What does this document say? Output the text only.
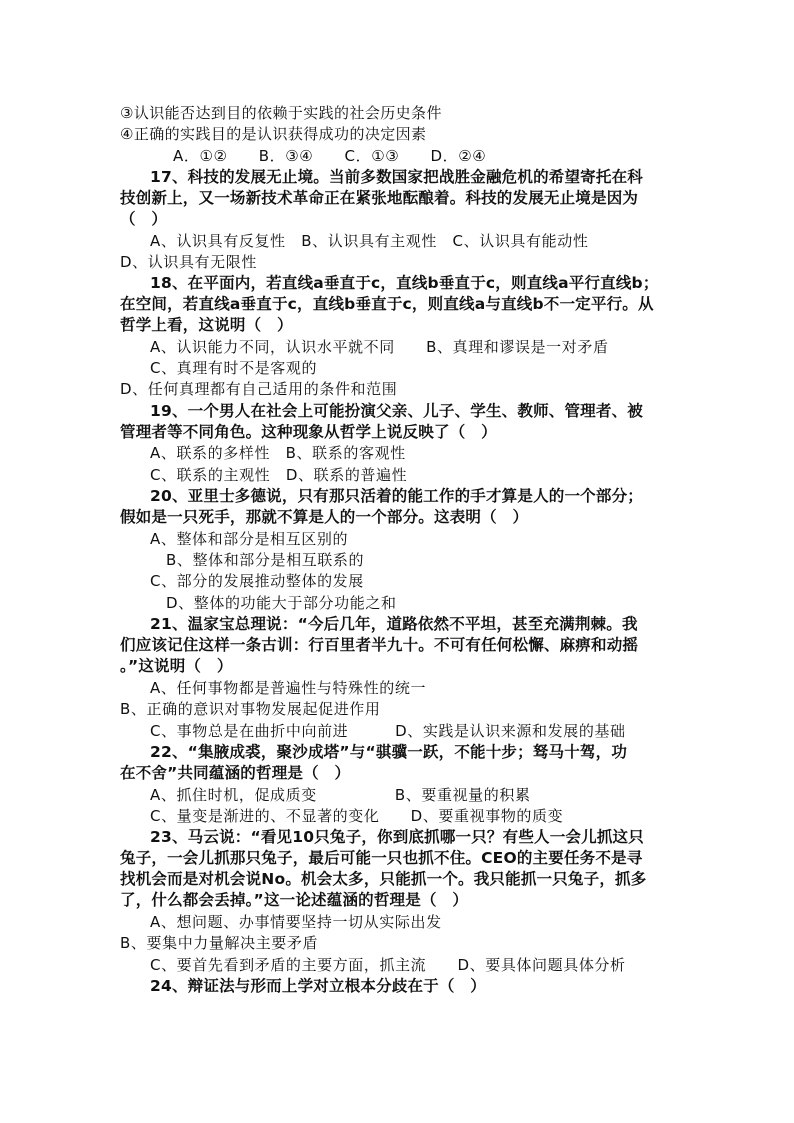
③认识能否达到目的依赖于实践的社会历史条件
④正确的实践目的是认识获得成功的决定因素
A．①②　　B．③④　　C．①③　　D．②④
17、科技的发展无止境。当前多数国家把战胜金融危机的希望寄托在科
技创新上，又一场新技术革命正在紧张地酝酿着。科技的发展无止境是因为
（　）
A、认识具有反复性　B、认识具有主观性　C、认识具有能动性
D、认识具有无限性
18、在平面内，若直线a垂直于c，直线b垂直于c，则直线a平行直线b；
在空间，若直线a垂直于c，直线b垂直于c，则直线a与直线b不一定平行。从
哲学上看，这说明（　）
A、认识能力不同，认识水平就不同　　B、真理和谬误是一对矛盾
C、真理有时不是客观的
D、任何真理都有自己适用的条件和范围
19、一个男人在社会上可能扮演父亲、儿子、学生、教师、管理者、被
管理者等不同角色。这种现象从哲学上说反映了（　）
A、联系的多样性　B、联系的客观性
C、联系的主观性　D、联系的普遍性
20、亚里士多德说，只有那只活着的能工作的手才算是人的一个部分；
假如是一只死手，那就不算是人的一个部分。这表明（　）
A、整体和部分是相互区别的
B、整体和部分是相互联系的
C、部分的发展推动整体的发展
D、整体的功能大于部分功能之和
21、温家宝总理说：“今后几年，道路依然不平坦，甚至充满荆棘。我
们应该记住这样一条古训：行百里者半九十。不可有任何松懈、麻痹和动摇
。”这说明（　）
A、任何事物都是普遍性与特殊性的统一
B、正确的意识对事物发展起促进作用
C、事物总是在曲折中向前进　　　D、实践是认识来源和发展的基础
22、“集腋成裘，聚沙成塔”与“骐骥一跃，不能十步；驽马十驾，功
在不舍”共同蕴涵的哲理是（　）
A、抓住时机，促成质变　　　　　B、要重视量的积累
C、量变是渐进的、不显著的变化　　D、要重视事物的质变
23、马云说：“看见10只兔子，你到底抓哪一只？有些人一会儿抓这只
兔子，一会儿抓那只兔子，最后可能一只也抓不住。CEO的主要任务不是寻
找机会而是对机会说No。机会太多，只能抓一个。我只能抓一只兔子，抓多
了，什么都会丢掉。”这一论述蕴涵的哲理是（　）
A、想问题、办事情要坚持一切从实际出发
B、要集中力量解决主要矛盾
C、要首先看到矛盾的主要方面，抓主流　　D、要具体问题具体分析
24、辩证法与形而上学对立根本分歧在于（　）
